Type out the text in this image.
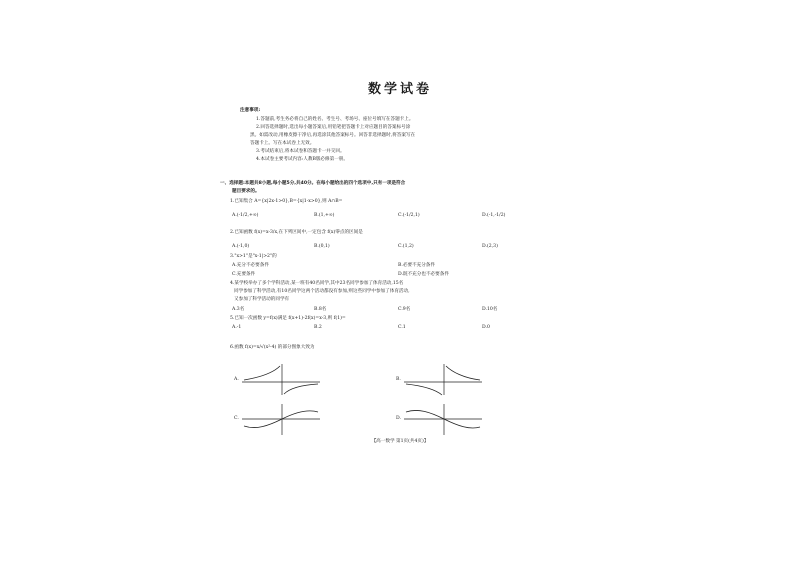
数学试卷
注意事项:
1.答题前,考生务必将自己的姓名、考生号、考场号、座位号填写在答题卡上。
2.回答选择题时,选出每小题答案后,用铅笔把答题卡上对应题目的答案标号涂
黑。如需改动,用橡皮擦干净后,再选涂其他答案标号。回答非选择题时,将答案写在
答题卡上。写在本试卷上无效。
3.考试结束后,将本试卷和答题卡一并交回。
4.本试卷主要考试内容:人教B版必修第一册。
一、选择题:本题共8小题,每小题5分,共40分。在每小题给出的四个选项中,只有一项是符合
题目要求的。
1.已知集合 A={x|2x-1>0},B={x|1-x>0},则 A∩B=
A.(-1/2,+∞)	B.(1,+∞)	C.(-1/2,1)	D.(-1,-1/2)
2.已知函数 f(x)=x-3/x,在下列区间中,一定包含 f(x)零点的区间是
A.(-1,0)	B.(0,1)	C.(1,2)	D.(2,3)
3."x>1"是"x-1|>2"的
A.充分不必要条件	B.必要不充分条件
C.充要条件	D.既不充分也不必要条件
4.某学校举办了多个学科活动,某一班有40名同学,其中23名同学参加了体育活动,15名
同学参加了科学活动,有10名同学这两个活动都没有参加,则这些同学中参加了体育活动,
又参加了科学活动的同学有
A.3名	B.8名	C.9名	D.10名
5.已知一次函数 y=f(x)满足 f(x+1)-2f(x)=x-3,则 f(1)=
A.-1	B.2	C.1	D.0
6.函数 f(x)=x/√(x²-4) 的部分图象大致为
A.	B.
C.	D.
【高一数学 第1页(共4页)】
